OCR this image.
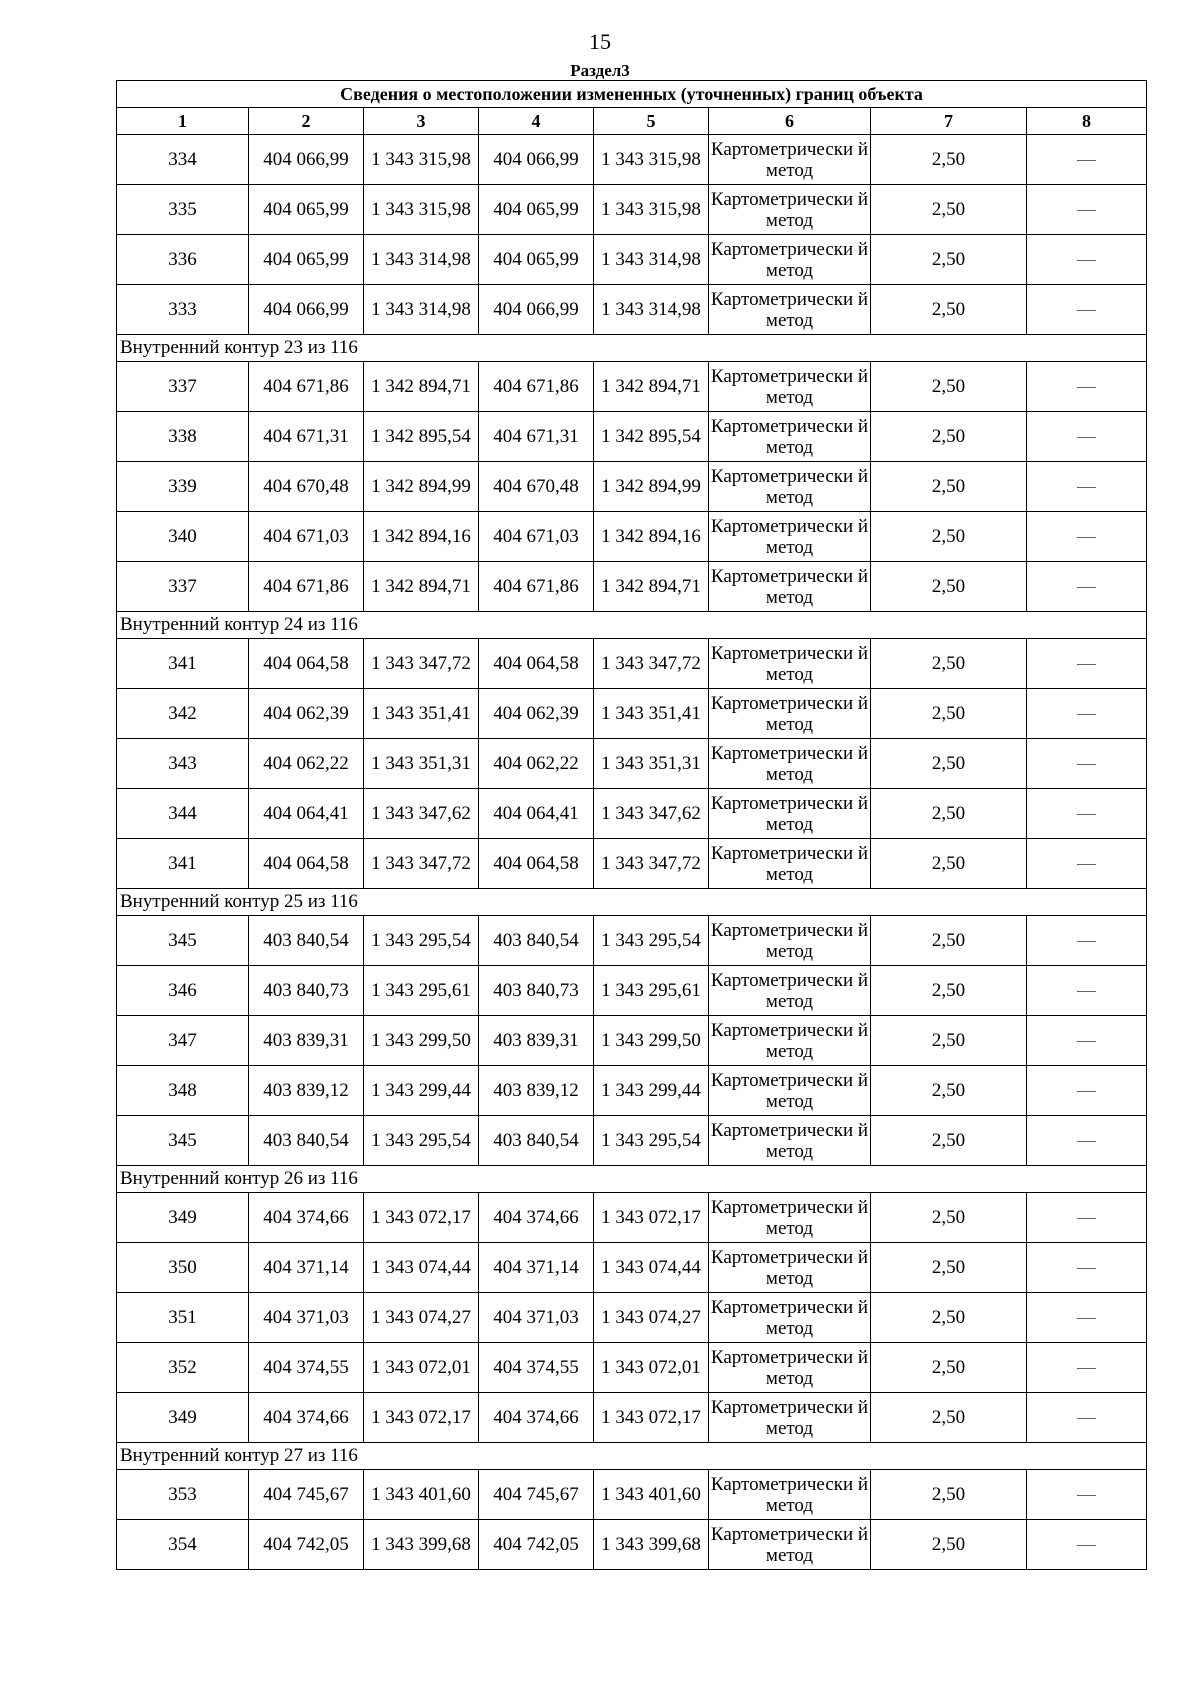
15
Раздел3
Сведения о местоположении измененных (уточненных) границ объекта							
1	2	3	4	5	6	7	8
334	404 066,99	1 343 315,98	404 066,99	1 343 315,98	Картометрически й метод	2,50	—
335	404 065,99	1 343 315,98	404 065,99	1 343 315,98	Картометрически й метод	2,50	—
336	404 065,99	1 343 314,98	404 065,99	1 343 314,98	Картометрически й метод	2,50	—
333	404 066,99	1 343 314,98	404 066,99	1 343 314,98	Картометрически й метод	2,50	—
Внутренний контур 23 из 116							
337	404 671,86	1 342 894,71	404 671,86	1 342 894,71	Картометрически й метод	2,50	—
338	404 671,31	1 342 895,54	404 671,31	1 342 895,54	Картометрически й метод	2,50	—
339	404 670,48	1 342 894,99	404 670,48	1 342 894,99	Картометрически й метод	2,50	—
340	404 671,03	1 342 894,16	404 671,03	1 342 894,16	Картометрически й метод	2,50	—
337	404 671,86	1 342 894,71	404 671,86	1 342 894,71	Картометрически й метод	2,50	—
Внутренний контур 24 из 116							
341	404 064,58	1 343 347,72	404 064,58	1 343 347,72	Картометрически й метод	2,50	—
342	404 062,39	1 343 351,41	404 062,39	1 343 351,41	Картометрически й метод	2,50	—
343	404 062,22	1 343 351,31	404 062,22	1 343 351,31	Картометрически й метод	2,50	—
344	404 064,41	1 343 347,62	404 064,41	1 343 347,62	Картометрически й метод	2,50	—
341	404 064,58	1 343 347,72	404 064,58	1 343 347,72	Картометрически й метод	2,50	—
Внутренний контур 25 из 116							
345	403 840,54	1 343 295,54	403 840,54	1 343 295,54	Картометрически й метод	2,50	—
346	403 840,73	1 343 295,61	403 840,73	1 343 295,61	Картометрически й метод	2,50	—
347	403 839,31	1 343 299,50	403 839,31	1 343 299,50	Картометрически й метод	2,50	—
348	403 839,12	1 343 299,44	403 839,12	1 343 299,44	Картометрически й метод	2,50	—
345	403 840,54	1 343 295,54	403 840,54	1 343 295,54	Картометрически й метод	2,50	—
Внутренний контур 26 из 116							
349	404 374,66	1 343 072,17	404 374,66	1 343 072,17	Картометрически й метод	2,50	—
350	404 371,14	1 343 074,44	404 371,14	1 343 074,44	Картометрически й метод	2,50	—
351	404 371,03	1 343 074,27	404 371,03	1 343 074,27	Картометрически й метод	2,50	—
352	404 374,55	1 343 072,01	404 374,55	1 343 072,01	Картометрически й метод	2,50	—
349	404 374,66	1 343 072,17	404 374,66	1 343 072,17	Картометрически й метод	2,50	—
Внутренний контур 27 из 116							
353	404 745,67	1 343 401,60	404 745,67	1 343 401,60	Картометрически й метод	2,50	—
354	404 742,05	1 343 399,68	404 742,05	1 343 399,68	Картометрически й метод	2,50	—
